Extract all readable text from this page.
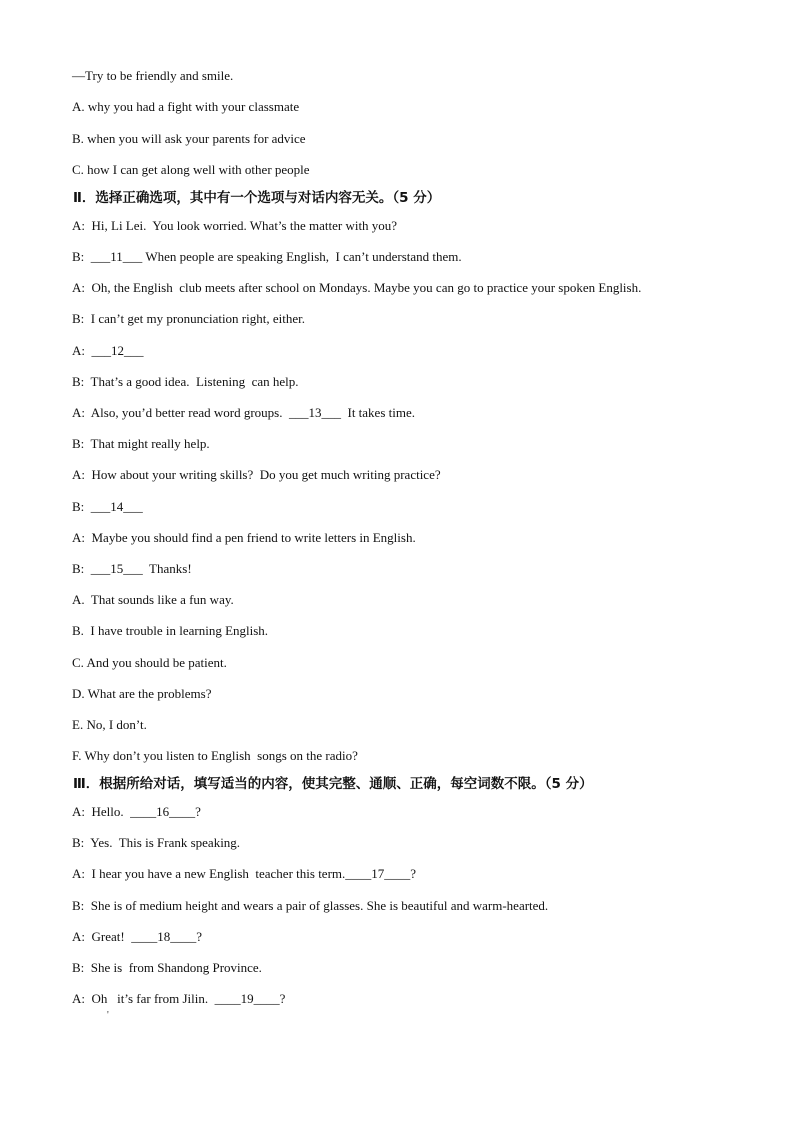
—Try to be friendly and smile.
A. why you had a fight with your classmate
B. when you will ask your parents for advice
C. how I can get along well with other people
Ⅱ．选择正确选项，其中有一个选项与对话内容无关。（5 分）
A:  Hi, Li Lei.  You look worried. What’s the matter with you?
B:  ___11___ When people are speaking English,  I can’t understand them.
A:  Oh, the English  club meets after school on Mondays. Maybe you can go to practice your spoken English.
B:  I can’t get my pronunciation right, either.
A:  ___12___
B:  That’s a good idea.  Listening  can help.
A:  Also, you’d better read word groups.  ___13___  It takes time.
B:  That might really help.
A:  How about your writing skills?  Do you get much writing practice?
B:  ___14___
A:  Maybe you should find a pen friend to write letters in English.
B:  ___15___  Thanks!
A.  That sounds like a fun way.
B.  I have trouble in learning English.
C. And you should be patient.
D. What are the problems?
E. No, I don’t.
F. Why don’t you listen to English  songs on the radio?
Ⅲ．根据所给对话，填写适当的内容，使其完整、通顺、正确，每空词数不限。（5 分）
A:  Hello.  ____16____?
B:  Yes.  This is Frank speaking.
A:  I hear you have a new English  teacher this term.____17____?
B:  She is of medium height and wears a pair of glasses. She is beautiful and warm-hearted.
A:  Great!  ____18____?
B:  She is  from Shandong Province.
A:  Oh   it’s far from Jilin.  ____19____?
'
